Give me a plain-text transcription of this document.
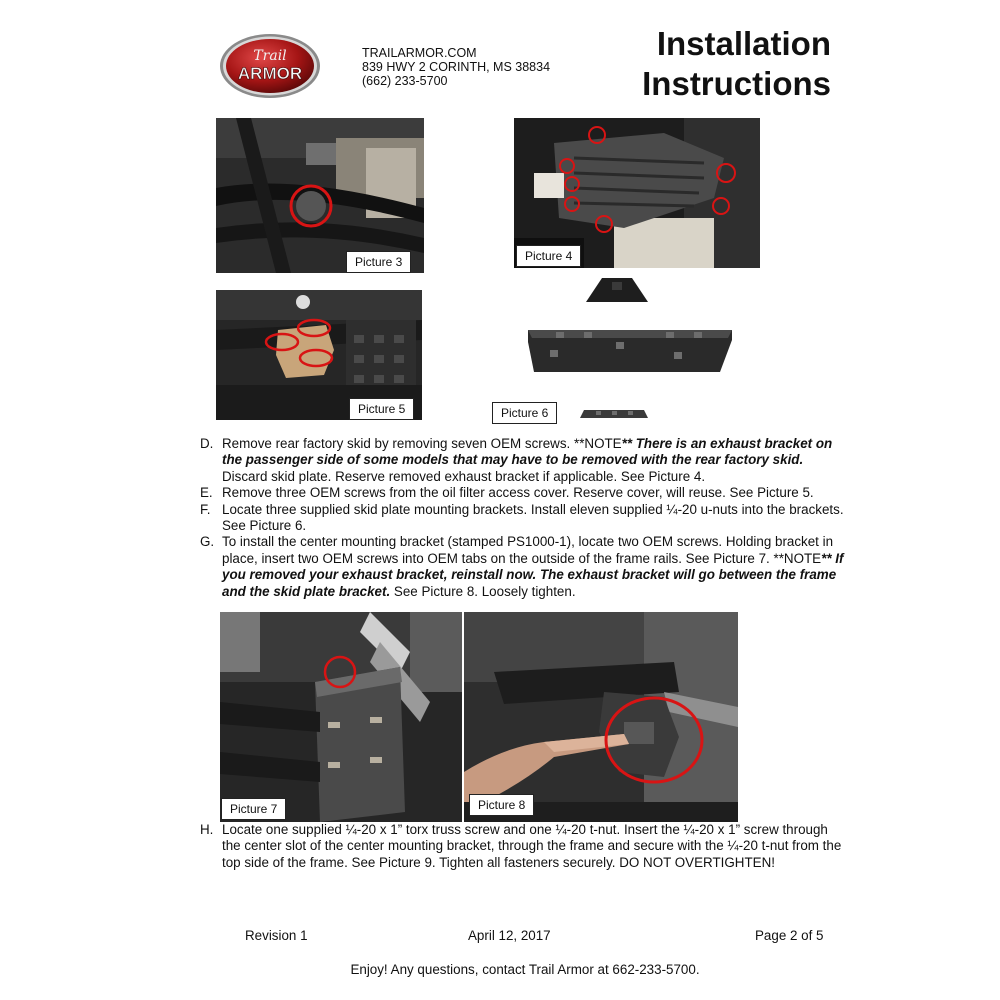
Trail
ARMOR
TRAILARMOR.COM
839 HWY 2 CORINTH, MS 38834
(662) 233-5700
Installation
Instructions
Picture 3	Picture 4
Picture 5	Picture 6
D. Remove rear factory skid by removing seven OEM screws. **NOTE** There is an exhaust bracket on the passenger side of some models that may have to be removed with the rear factory skid. Discard skid plate. Reserve removed exhaust bracket if applicable. See Picture 4.
E. Remove three OEM screws from the oil filter access cover. Reserve cover, will reuse. See Picture 5.
F. Locate three supplied skid plate mounting brackets. Install eleven supplied ¼-20 u-nuts into the brackets. See Picture 6.
G. To install the center mounting bracket (stamped PS1000-1), locate two OEM screws. Holding bracket in place, insert two OEM screws into OEM tabs on the outside of the frame rails. See Picture 7. **NOTE** If you removed your exhaust bracket, reinstall now. The exhaust bracket will go between the frame and the skid plate bracket. See Picture 8. Loosely tighten.
Picture 7	Picture 8
H. Locate one supplied ¼-20 x 1” torx truss screw and one ¼-20 t-nut. Insert the ¼-20 x 1” screw through the center slot of the center mounting bracket, through the frame and secure with the ¼-20 t-nut from the top side of the frame. See Picture 9. Tighten all fasteners securely. DO NOT OVERTIGHTEN!
Revision 1	April 12, 2017	Page 2 of 5
Enjoy! Any questions, contact Trail Armor at 662-233-5700.
